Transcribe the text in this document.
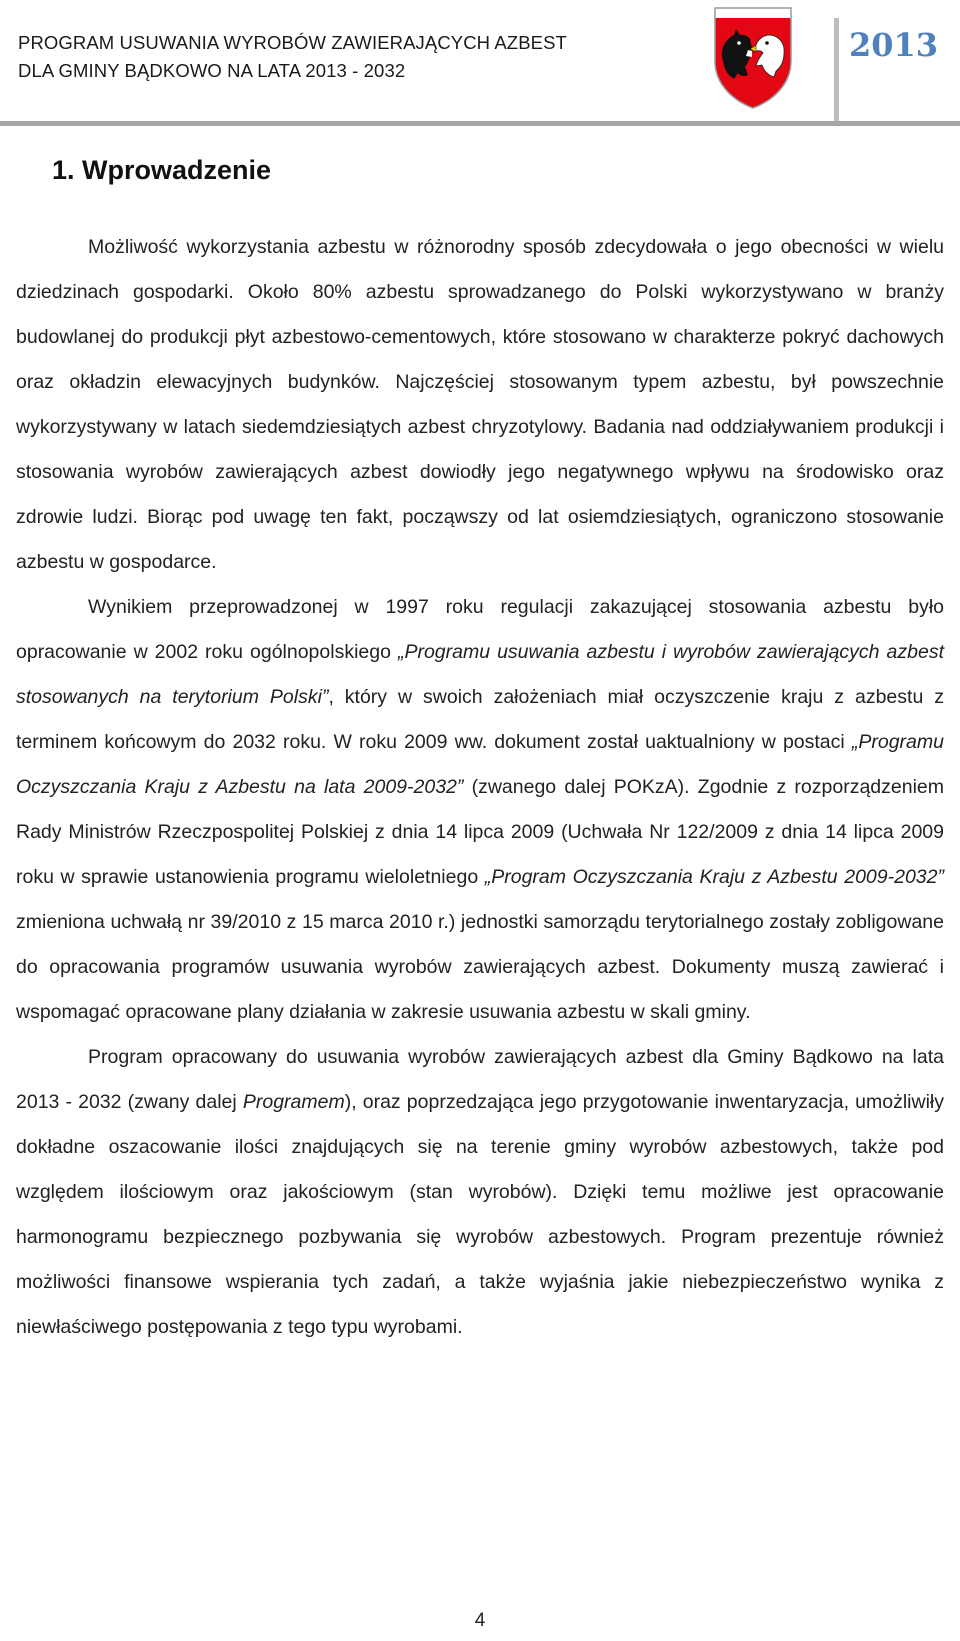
PROGRAM USUWANIA WYROBÓW ZAWIERAJĄCYCH AZBEST
DLA GMINY BĄDKOWO NA LATA 2013 - 2032
2013
1. Wprowadzenie

Możliwość wykorzystania azbestu w różnorodny sposób zdecydowała o jego obecności w wielu dziedzinach gospodarki. Około 80% azbestu sprowadzanego do Polski wykorzystywano w branży budowlanej do produkcji płyt azbestowo-cementowych, które stosowano w charakterze pokryć dachowych oraz okładzin elewacyjnych budynków. Najczęściej stosowanym typem azbestu, był powszechnie wykorzystywany w latach siedemdziesiątych azbest chryzotylowy. Badania nad oddziaływaniem produkcji i stosowania wyrobów zawierających azbest dowiodły jego negatywnego wpływu na środowisko oraz zdrowie ludzi. Biorąc pod uwagę ten fakt, począwszy od lat osiemdziesiątych, ograniczono stosowanie azbestu w gospodarce.

Wynikiem przeprowadzonej w 1997 roku regulacji zakazującej stosowania azbestu było opracowanie w 2002 roku ogólnopolskiego „Programu usuwania azbestu i wyrobów zawierających azbest stosowanych na terytorium Polski”, który w swoich założeniach miał oczyszczenie kraju z azbestu z terminem końcowym do 2032 roku. W roku 2009 ww. dokument został uaktualniony w postaci „Programu Oczyszczania Kraju z Azbestu na lata 2009-2032” (zwanego dalej POKzA). Zgodnie z rozporządzeniem Rady Ministrów Rzeczpospolitej Polskiej z dnia 14 lipca 2009 (Uchwała Nr 122/2009 z dnia 14 lipca 2009 roku w sprawie ustanowienia programu wieloletniego „Program Oczyszczania Kraju z Azbestu 2009-2032” zmieniona uchwałą nr 39/2010 z 15 marca 2010 r.) jednostki samorządu terytorialnego zostały zobligowane do opracowania programów usuwania wyrobów zawierających azbest. Dokumenty muszą zawierać i wspomagać opracowane plany działania w zakresie usuwania azbestu w skali gminy.

Program opracowany do usuwania wyrobów zawierających azbest dla Gminy Bądkowo na lata 2013 - 2032 (zwany dalej Programem), oraz poprzedzająca jego przygotowanie inwentaryzacja, umożliwiły dokładne oszacowanie ilości znajdujących się na terenie gminy wyrobów azbestowych, także pod względem ilościowym oraz jakościowym (stan wyrobów). Dzięki temu możliwe jest opracowanie harmonogramu bezpiecznego pozbywania się wyrobów azbestowych. Program prezentuje również możliwości finansowe wspierania tych zadań, a także wyjaśnia jakie niebezpieczeństwo wynika z niewłaściwego postępowania z tego typu wyrobami.

4
